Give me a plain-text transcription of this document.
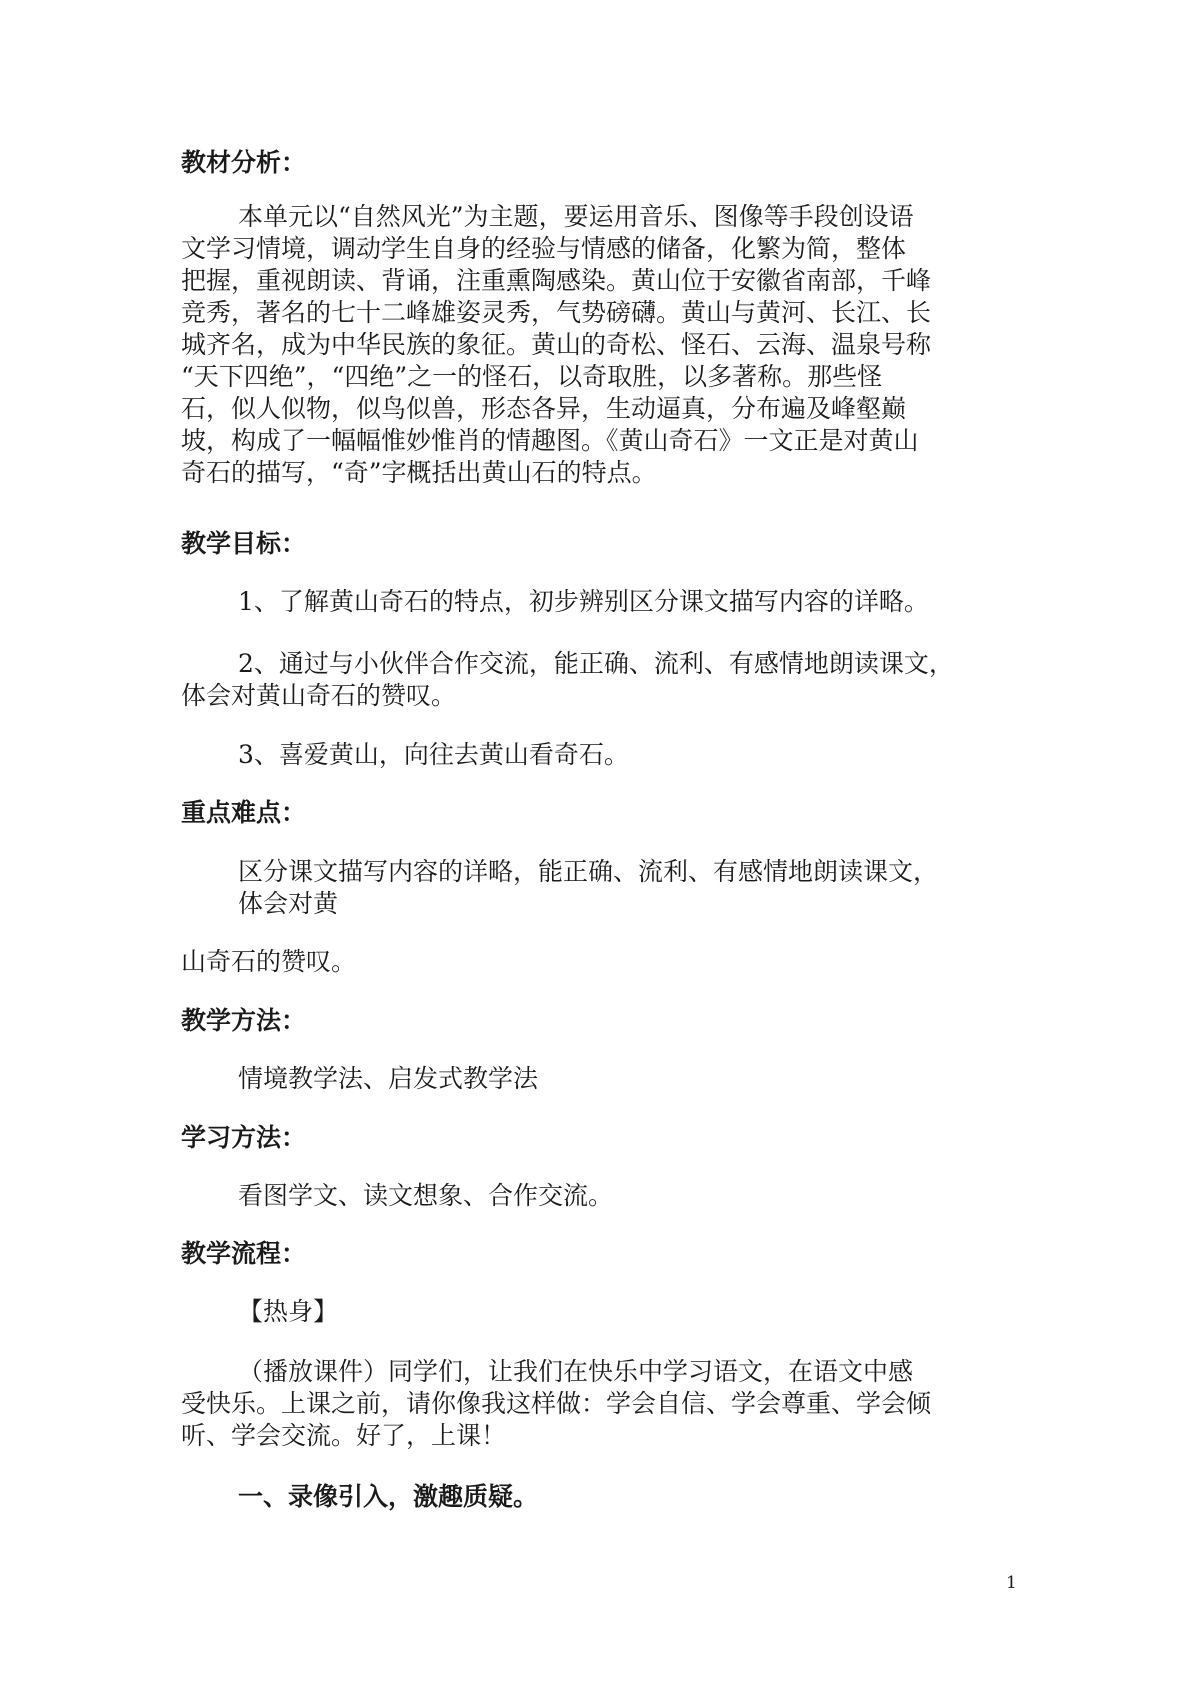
教材分析：
本单元以“自然风光”为主题，要运用音乐、图像等手段创设语
文学习情境，调动学生自身的经验与情感的储备，化繁为简，整体
把握，重视朗读、背诵，注重熏陶感染。黄山位于安徽省南部，千峰
竞秀，著名的七十二峰雄姿灵秀，气势磅礴。黄山与黄河、长江、长
城齐名，成为中华民族的象征。黄山的奇松、怪石、云海、温泉号称
“天下四绝”，“四绝”之一的怪石，以奇取胜，以多著称。那些怪
石，似人似物，似鸟似兽，形态各异，生动逼真，分布遍及峰壑巅
坡，构成了一幅幅惟妙惟肖的情趣图。《黄山奇石》一文正是对黄山
奇石的描写，“奇”字概括出黄山石的特点。
教学目标：
1、了解黄山奇石的特点，初步辨别区分课文描写内容的详略。
2、通过与小伙伴合作交流，能正确、流利、有感情地朗读课文，
体会对黄山奇石的赞叹。
3、喜爱黄山，向往去黄山看奇石。
重点难点：
区分课文描写内容的详略，能正确、流利、有感情地朗读课文，
体会对黄
山奇石的赞叹。
教学方法：
情境教学法、启发式教学法
学习方法：
看图学文、读文想象、合作交流。
教学流程：
【热身】
（播放课件）同学们，让我们在快乐中学习语文，在语文中感
受快乐。上课之前，请你像我这样做：学会自信、学会尊重、学会倾
听、学会交流。好了，上课！
一、录像引入，激趣质疑。
1
